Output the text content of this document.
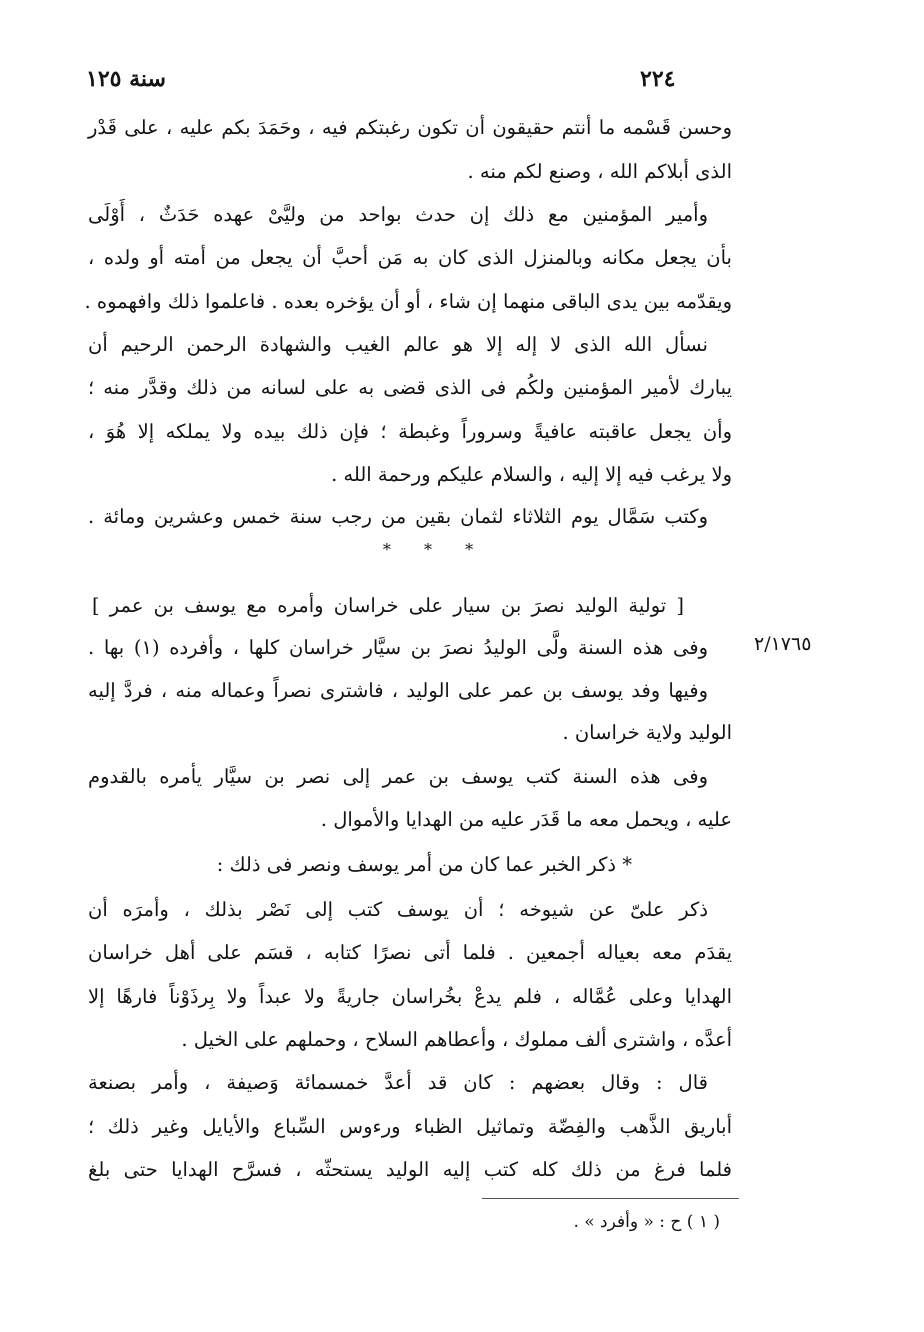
٢٢٤
سنة ١٢٥
وحسن قَسْمه ما أنتم حقيقون أن تكون رغبتكم فيه ، وحَمَدَ بكم عليه ، على قَدْر
الذى أبلاكم الله ، وصنع لكم منه .
وأمير المؤمنين مع ذلك إن حدث بواحد من وليَّىْ عهده حَدَثٌ ، أَوْلَى
بأن يجعل مكانه وبالمنزل الذى كان به مَن أحبَّ أن يجعل من أمته أو ولده ،
ويقدّمه بين يدى الباقى منهما إن شاء ، أو أن يؤخره بعده . فاعلموا ذلك وافهموه .
نسأل الله الذى لا إله إلا هو عالم الغيب والشهادة الرحمن الرحيم أن
يبارك لأمير المؤمنين ولكُم فى الذى قضى به على لسانه من ذلك وقدَّر منه ؛
وأن يجعل عاقبته عافيةً وسروراً وغبطة ؛ فإن ذلك بيده ولا يملكه إلا هُوَ ،
ولا يرغب فيه إلا إليه ، والسلام عليكم ورحمة الله .
وكتب سَمَّال يوم الثلاثاء لثمان بقين من رجب سنة خمس وعشرين ومائة .
[ تولية الوليد نصرَ بن سيار على خراسان وأمره مع يوسف بن عمر ]
وفى هذه السنة ولَّى الوليدُ نصرَ بن سيَّار خراسان كلها ، وأفرده (١) بها .
وفيها وفد يوسف بن عمر على الوليد ، فاشترى نصراً وعماله منه ، فردَّ إليه
الوليد ولاية خراسان .
وفى هذه السنة كتب يوسف بن عمر إلى نصر بن سيَّار يأمره بالقدوم
عليه ، ويحمل معه ما قَدَر عليه من الهدايا والأموال .
* ذكر الخبر عما كان من أمر يوسف ونصر فى ذلك :
ذكر علىّ عن شيوخه ؛ أن يوسف كتب إلى نَصْر بذلك ، وأمرَه أن
يقدَم معه بعياله أجمعين . فلما أتى نصرًا كتابه ، قسَم على أهل خراسان
الهدايا وعلى عُمَّاله ، فلم يدعْ بخُراسان جاريةً ولا عبداً ولا بِرذَوْناً فارهًا إلا
أعدَّه ، واشترى ألف مملوك ، وأعطاهم السلاح ، وحملهم على الخيل .
قال : وقال بعضهم : كان قد أعدَّ خمسمائة وَصيفة ، وأمر بصنعة
أباريق الذَّهب والفِضّة وتماثيل الظباء ورءوس السِّباع والأيايل وغير ذلك ؛
فلما فرغ من ذلك كله كتب إليه الوليد يستحثّه ، فسرَّح الهدايا حتى بلغ
* * *
٢/١٧٦٥
( ١ ) ح : « وأفرد » .
